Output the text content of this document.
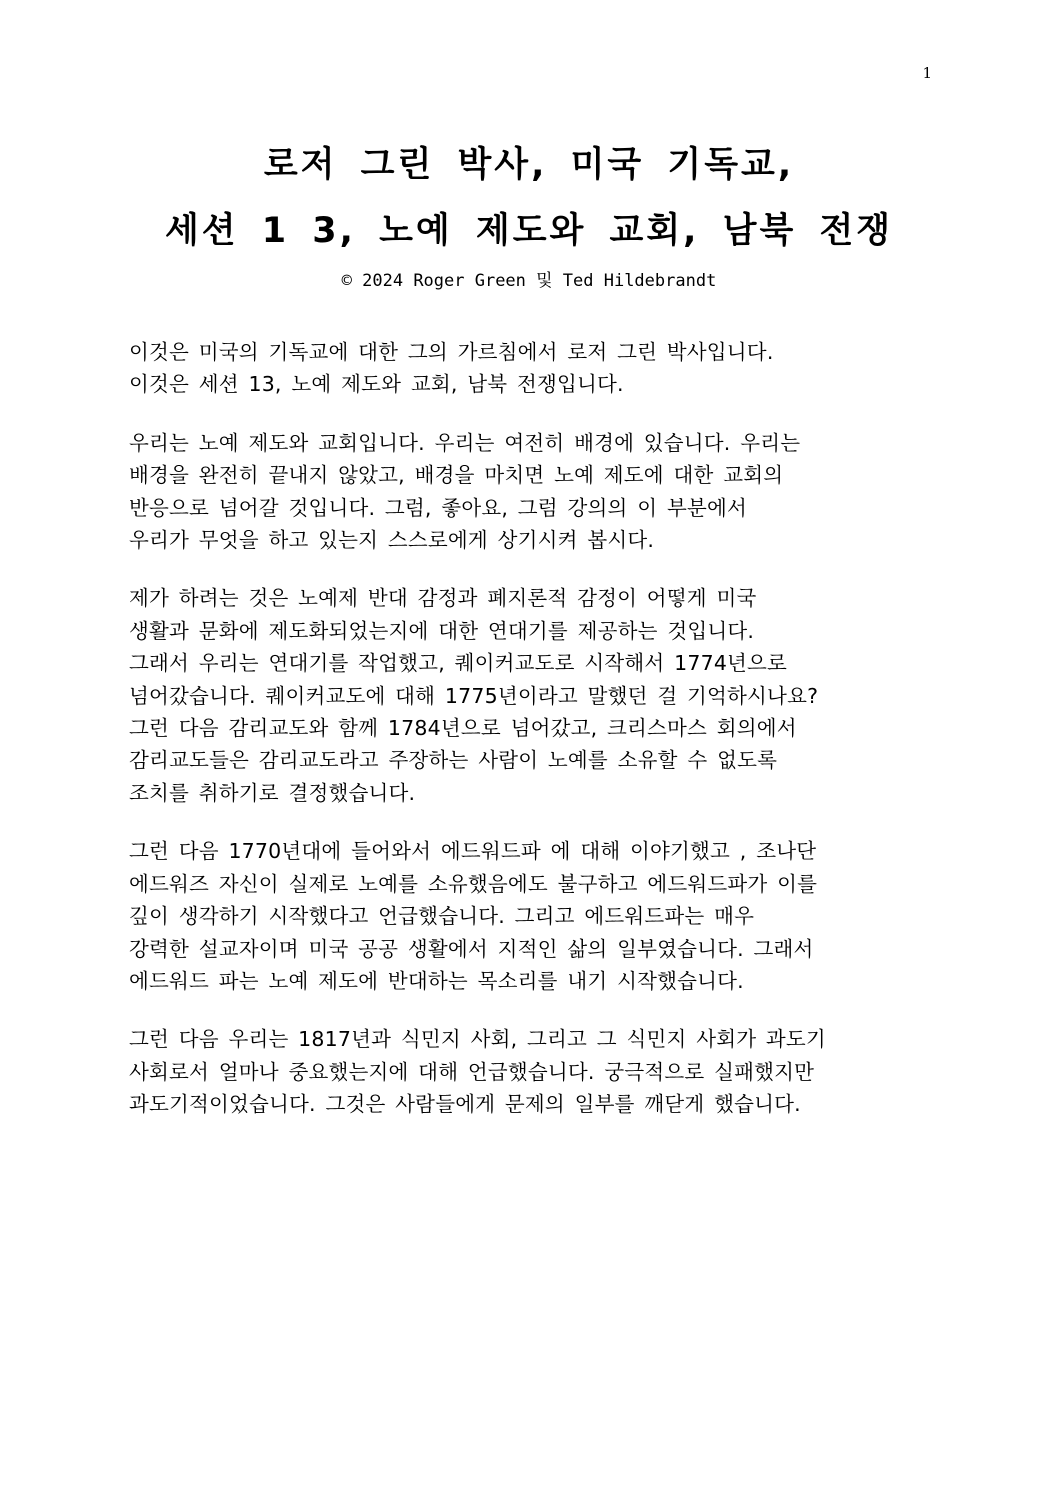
1
로저 그린 박사, 미국 기독교,
세션 1 3, 노예 제도와 교회, 남북 전쟁
© 2024 Roger Green 및 Ted Hildebrandt

이것은 미국의 기독교에 대한 그의 가르침에서 로저 그린 박사입니다.
이것은 세션 13, 노예 제도와 교회, 남북 전쟁입니다.

우리는 노예 제도와 교회입니다. 우리는 여전히 배경에 있습니다. 우리는
배경을 완전히 끝내지 않았고, 배경을 마치면 노예 제도에 대한 교회의
반응으로 넘어갈 것입니다. 그럼, 좋아요, 그럼 강의의 이 부분에서
우리가 무엇을 하고 있는지 스스로에게 상기시켜 봅시다.

제가 하려는 것은 노예제 반대 감정과 폐지론적 감정이 어떻게 미국
생활과 문화에 제도화되었는지에 대한 연대기를 제공하는 것입니다.
그래서 우리는 연대기를 작업했고, 퀘이커교도로 시작해서 1774년으로
넘어갔습니다. 퀘이커교도에 대해 1775년이라고 말했던 걸 기억하시나요?
그런 다음 감리교도와 함께 1784년으로 넘어갔고, 크리스마스 회의에서
감리교도들은 감리교도라고 주장하는 사람이 노예를 소유할 수 없도록
조치를 취하기로 결정했습니다.

그런 다음 1770년대에 들어와서 에드워드파 에 대해 이야기했고 , 조나단
에드워즈 자신이 실제로 노예를 소유했음에도 불구하고 에드워드파가 이를
깊이 생각하기 시작했다고 언급했습니다. 그리고 에드워드파는 매우
강력한 설교자이며 미국 공공 생활에서 지적인 삶의 일부였습니다. 그래서
에드워드 파는 노예 제도에 반대하는 목소리를 내기 시작했습니다.

그런 다음 우리는 1817년과 식민지 사회, 그리고 그 식민지 사회가 과도기
사회로서 얼마나 중요했는지에 대해 언급했습니다. 궁극적으로 실패했지만
과도기적이었습니다. 그것은 사람들에게 문제의 일부를 깨닫게 했습니다.
